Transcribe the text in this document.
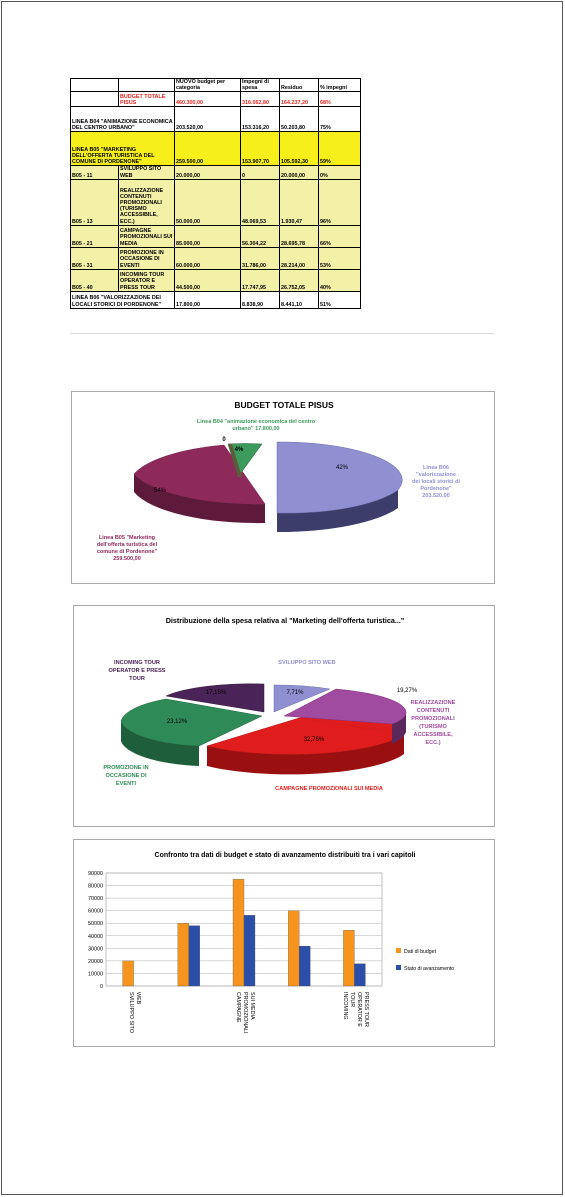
		NUOVO budget per categoria	Impegni di spesa	Residuo	% impegni
	BUDGET TOTALE PISUS	460.300,00	316.062,80	164.237,20	68%
LINEA B04 "ANIMAZIONE ECONOMICA DEL CENTRO URBANO"		203.520,00	153.316,20	50.203,80	75%
LINEA B05 "MARKETING DELL'OFFERTA TURISTICA DEL COMUNE DI PORDENONE"		259.500,00	153.907,70	105.592,30	59%
B05 - 11	SVILUPPO SITO WEB	20.000,00	0	20.000,00	0%
B05 - 13	REALIZZAZIONE CONTENUTI PROMOZIONALI (TURISMO ACCESSIBILE, ECC.)	50.000,00	48.069,53	1.930,47	96%
B05 - 21	CAMPAGNE PROMOZIONALI SUI MEDIA	85.000,00	56.304,22	28.695,78	66%
B05 - 31	PROMOZIONE IN OCCASIONE DI EVENTI	60.000,00	31.786,00	28.214,00	53%
B05 - 40	INCOMING TOUR OPERATOR E PRESS TOUR	44.500,00	17.747,95	26.752,05	40%
LINEA B06 "VALORIZZAZIONE DEI LOCALI STORICI DI PORDENONE"		17.800,00	8.838,90	8.441,10	51%
BUDGET TOTALE PISUS
4%
0
42%
54%
Linea B04 "animazione economica del centro
urbano" 17.800,00
Linea B06
"valorizzazione
dei locali storici di
Pordenone"
203.520,00
Linea B05 "Marketing
dell'offerta turistica del
comune di Pordenone"
259.500,00
Distribuzione della spesa relativa al "Marketing dell'offerta turistica..."
17,15%	7,71%	19,27%
23,12%
32,76%
SVILUPPO SITO WEB
INCOMING TOUR
OPERATOR E PRESS
TOUR
REALIZZAZIONE
CONTENUTI
PROMOZIONALI
(TURISMO
ACCESSIBILE,
ECC.)
PROMOZIONE IN
OCCASIONE DI
EVENTI
CAMPAGNE PROMOZIONALI SUI MEDIA
Confronto tra dati di budget e stato di avanzamento distribuiti tra i vari capitoli
0
10000
20000
30000
40000
50000
60000
70000
80000
90000
SVILUPPO SITO WEB	CAMPAGNE PROMOZIONALI SUI MEDIA	INCOMING TOUR OPERATOR E PRESS TOUR
Dati di budget
Stato di avanzamento
